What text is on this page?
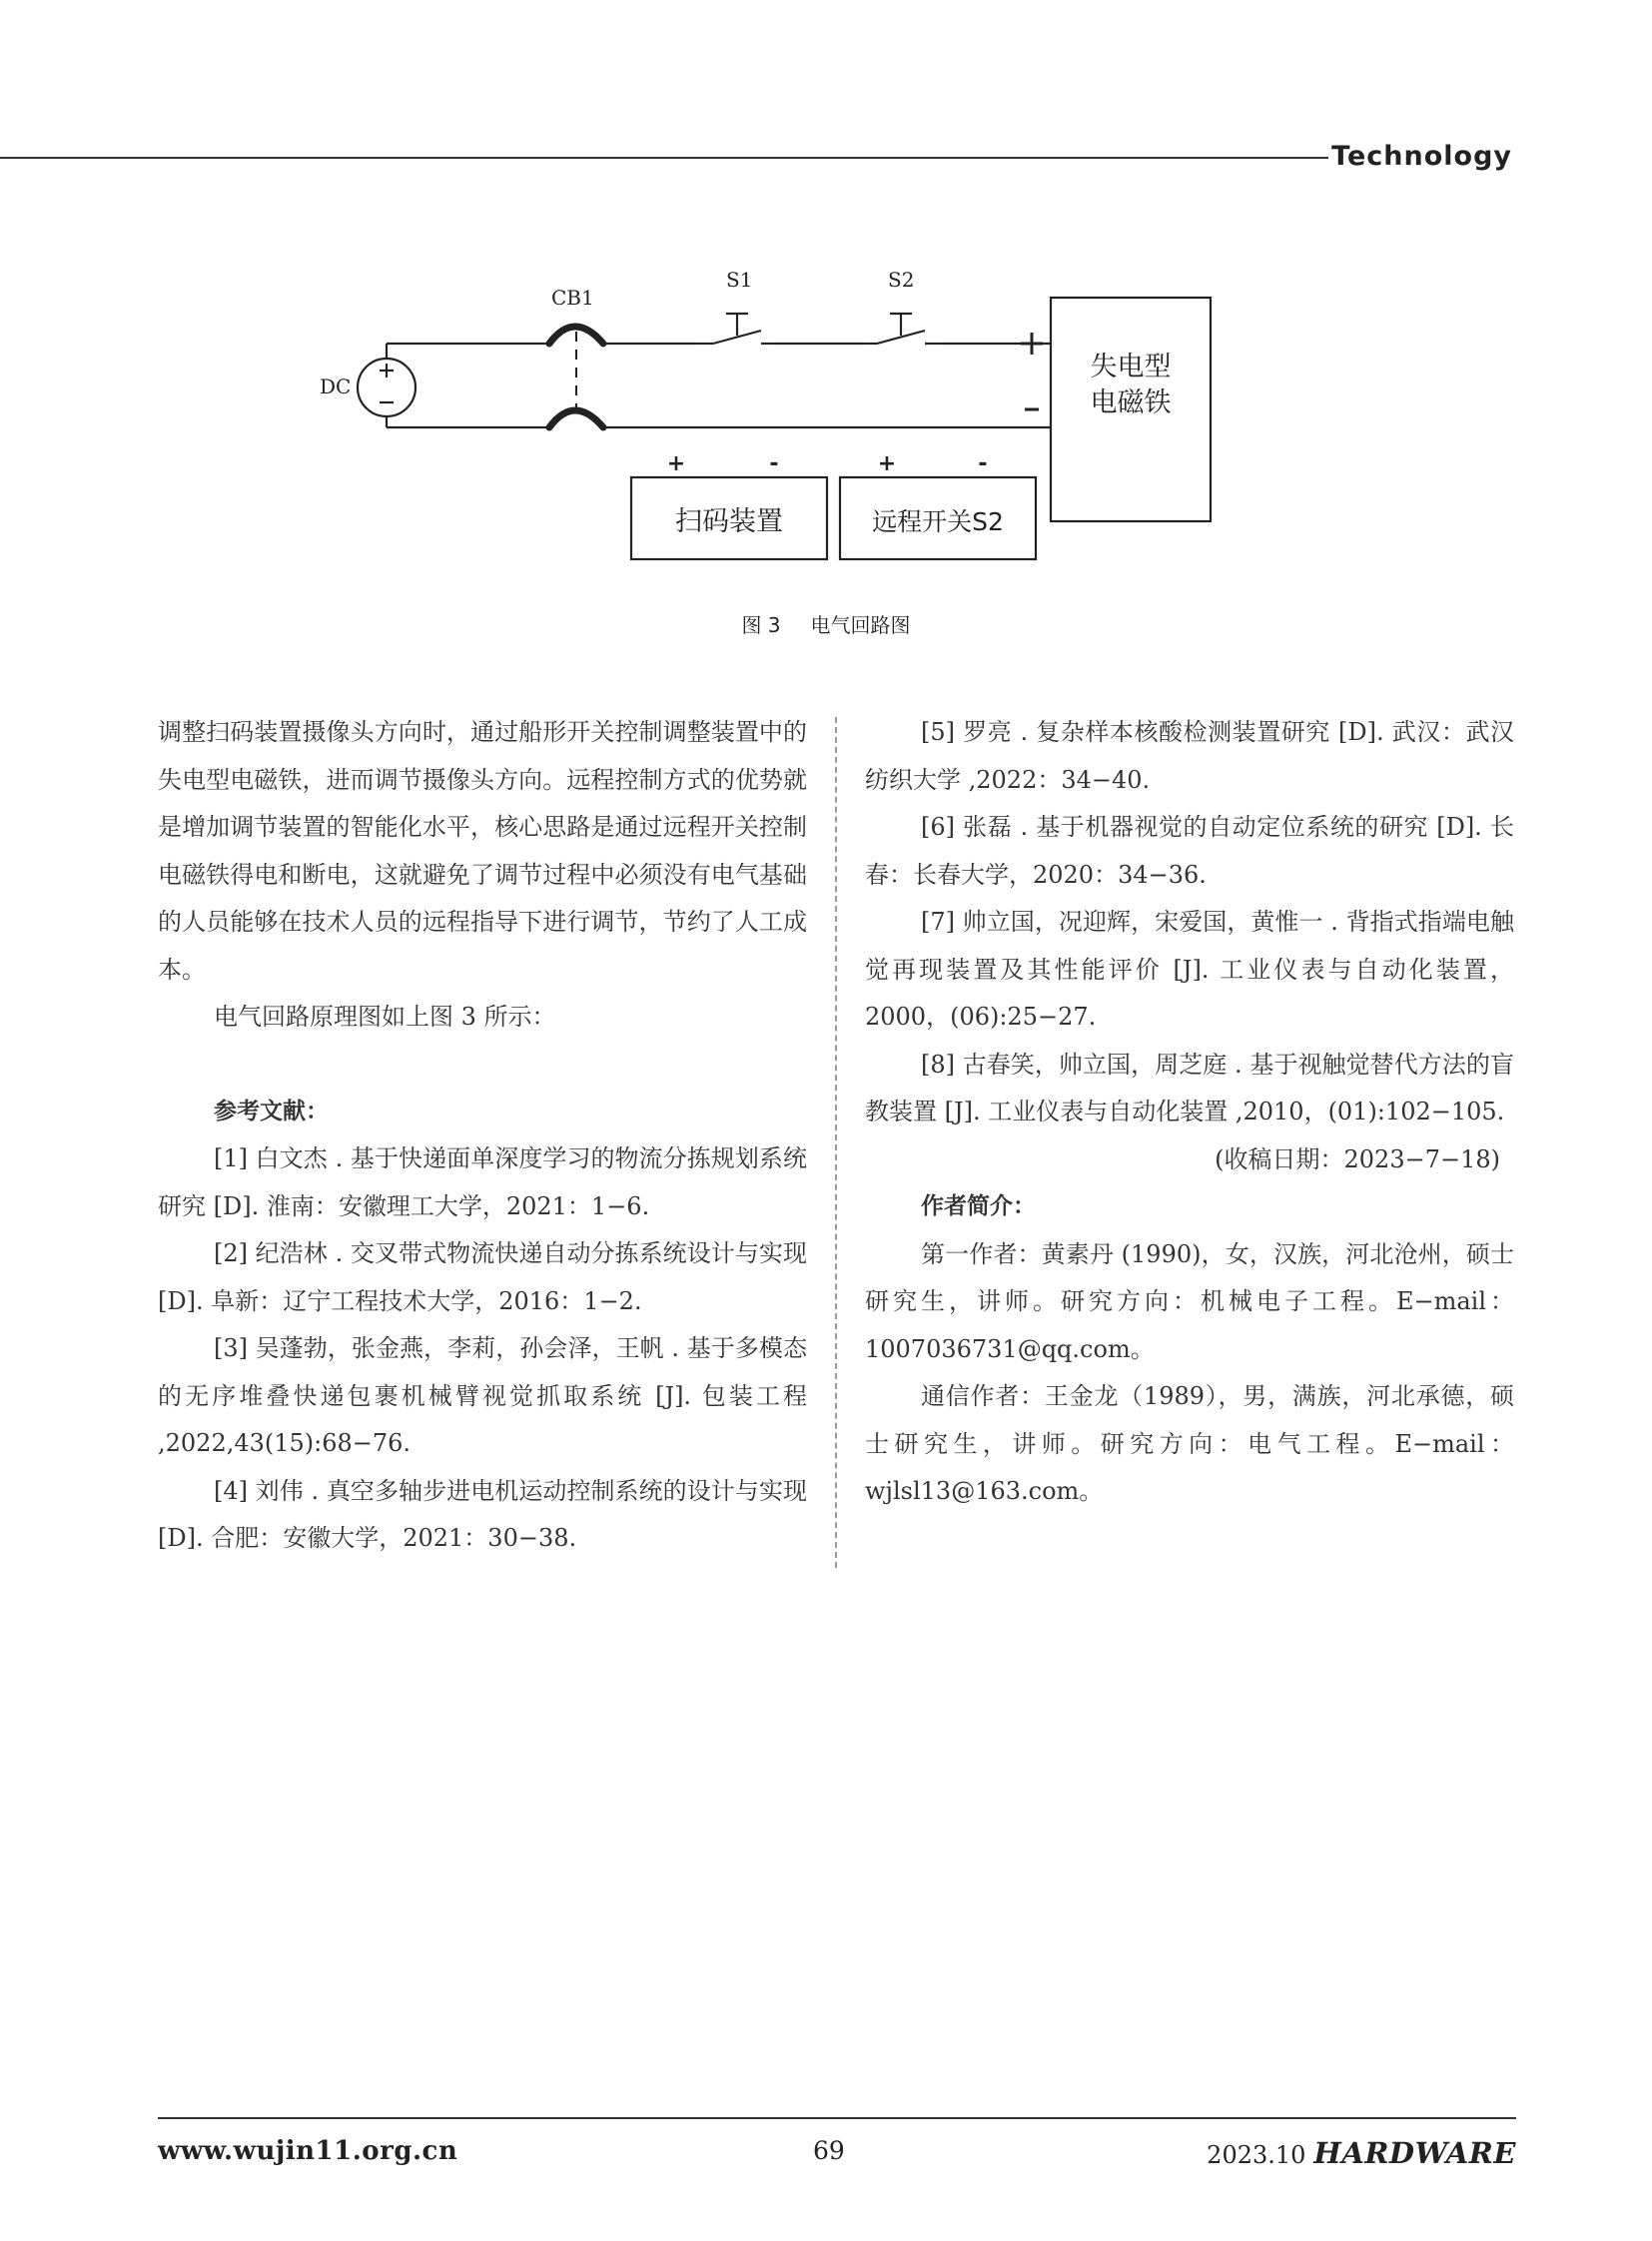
Technology
CB1
S1	S2
DC
失电型
电磁铁
扫码装置	远程开关S2
+	-	+	-
图 3 电气回路图

调整扫码装置摄像头方向时，通过船形开关控制调整装置中的失电型电磁铁，进而调节摄像头方向。远程控制方式的优势就是增加调节装置的智能化水平，核心思路是通过远程开关控制电磁铁得电和断电，这就避免了调节过程中必须没有电气基础的人员能够在技术人员的远程指导下进行调节，节约了人工成本。

电气回路原理图如上图 3 所示：

参考文献：

[1] 白文杰 . 基于快递面单深度学习的物流分拣规划系统研究 [D]. 淮南：安徽理工大学，2021：1−6.

[2] 纪浩林 . 交叉带式物流快递自动分拣系统设计与实现 [D]. 阜新：辽宁工程技术大学，2016：1−2.

[3] 吴蓬勃，张金燕，李莉，孙会泽，王帆 . 基于多模态的无序堆叠快递包裹机械臂视觉抓取系统 [J]. 包装工程 ,2022,43(15):68−76.

[4] 刘伟 . 真空多轴步进电机运动控制系统的设计与实现 [D]. 合肥：安徽大学，2021：30−38.

[5] 罗亮 . 复杂样本核酸检测装置研究 [D]. 武汉：武汉纺织大学 ,2022：34−40.

[6] 张磊 . 基于机器视觉的自动定位系统的研究 [D]. 长春：长春大学，2020：34−36.

[7] 帅立国，况迎辉，宋爱国，黄惟一 . 背指式指端电触觉再现装置及其性能评价 [J]. 工业仪表与自动化装置，2000，(06):25−27.

[8] 古春笑，帅立国，周芝庭 . 基于视触觉替代方法的盲教装置 [J]. 工业仪表与自动化装置 ,2010，(01):102−105.

(收稿日期：2023−7−18)

作者简介：

第一作者：黄素丹 (1990)，女，汉族，河北沧州，硕士研究生，讲师。研究方向：机械电子工程。E−mail：1007036731@qq.com。

通信作者：王金龙（1989），男，满族，河北承德，硕士研究生，讲师。研究方向：电气工程。E−mail：wjlsl13@163.com。

www.wujin11.org.cn	69	2023.10 HARDWARE
